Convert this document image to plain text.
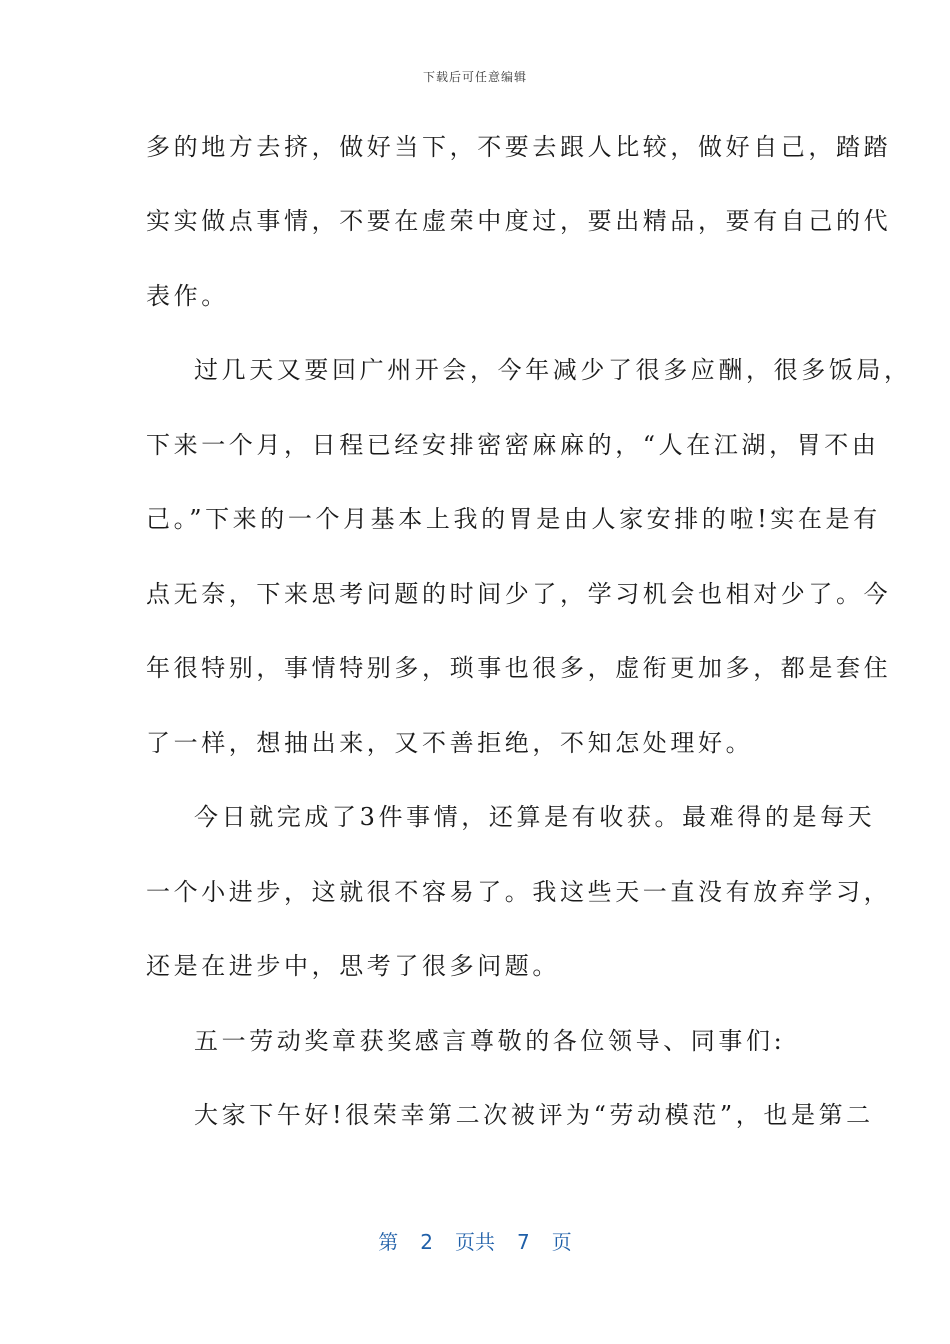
下载后可任意编辑
多的地方去挤，做好当下，不要去跟人比较，做好自己，踏踏
实实做点事情，不要在虚荣中度过，要出精品，要有自己的代
表作。
过几天又要回广州开会，今年减少了很多应酬，很多饭局，
下来一个月，日程已经安排密密麻麻的，“人在江湖，胃不由
己。”下来的一个月基本上我的胃是由人家安排的啦!实在是有
点无奈，下来思考问题的时间少了，学习机会也相对少了。今
年很特别，事情特别多，琐事也很多，虚衔更加多，都是套住
了一样，想抽出来，又不善拒绝，不知怎处理好。
今日就完成了3件事情，还算是有收获。最难得的是每天
一个小进步，这就很不容易了。我这些天一直没有放弃学习，
还是在进步中，思考了很多问题。
五一劳动奖章获奖感言尊敬的各位领导、同事们:
大家下午好!很荣幸第二次被评为“劳动模范”，也是第二
第 2 页共 7 页
